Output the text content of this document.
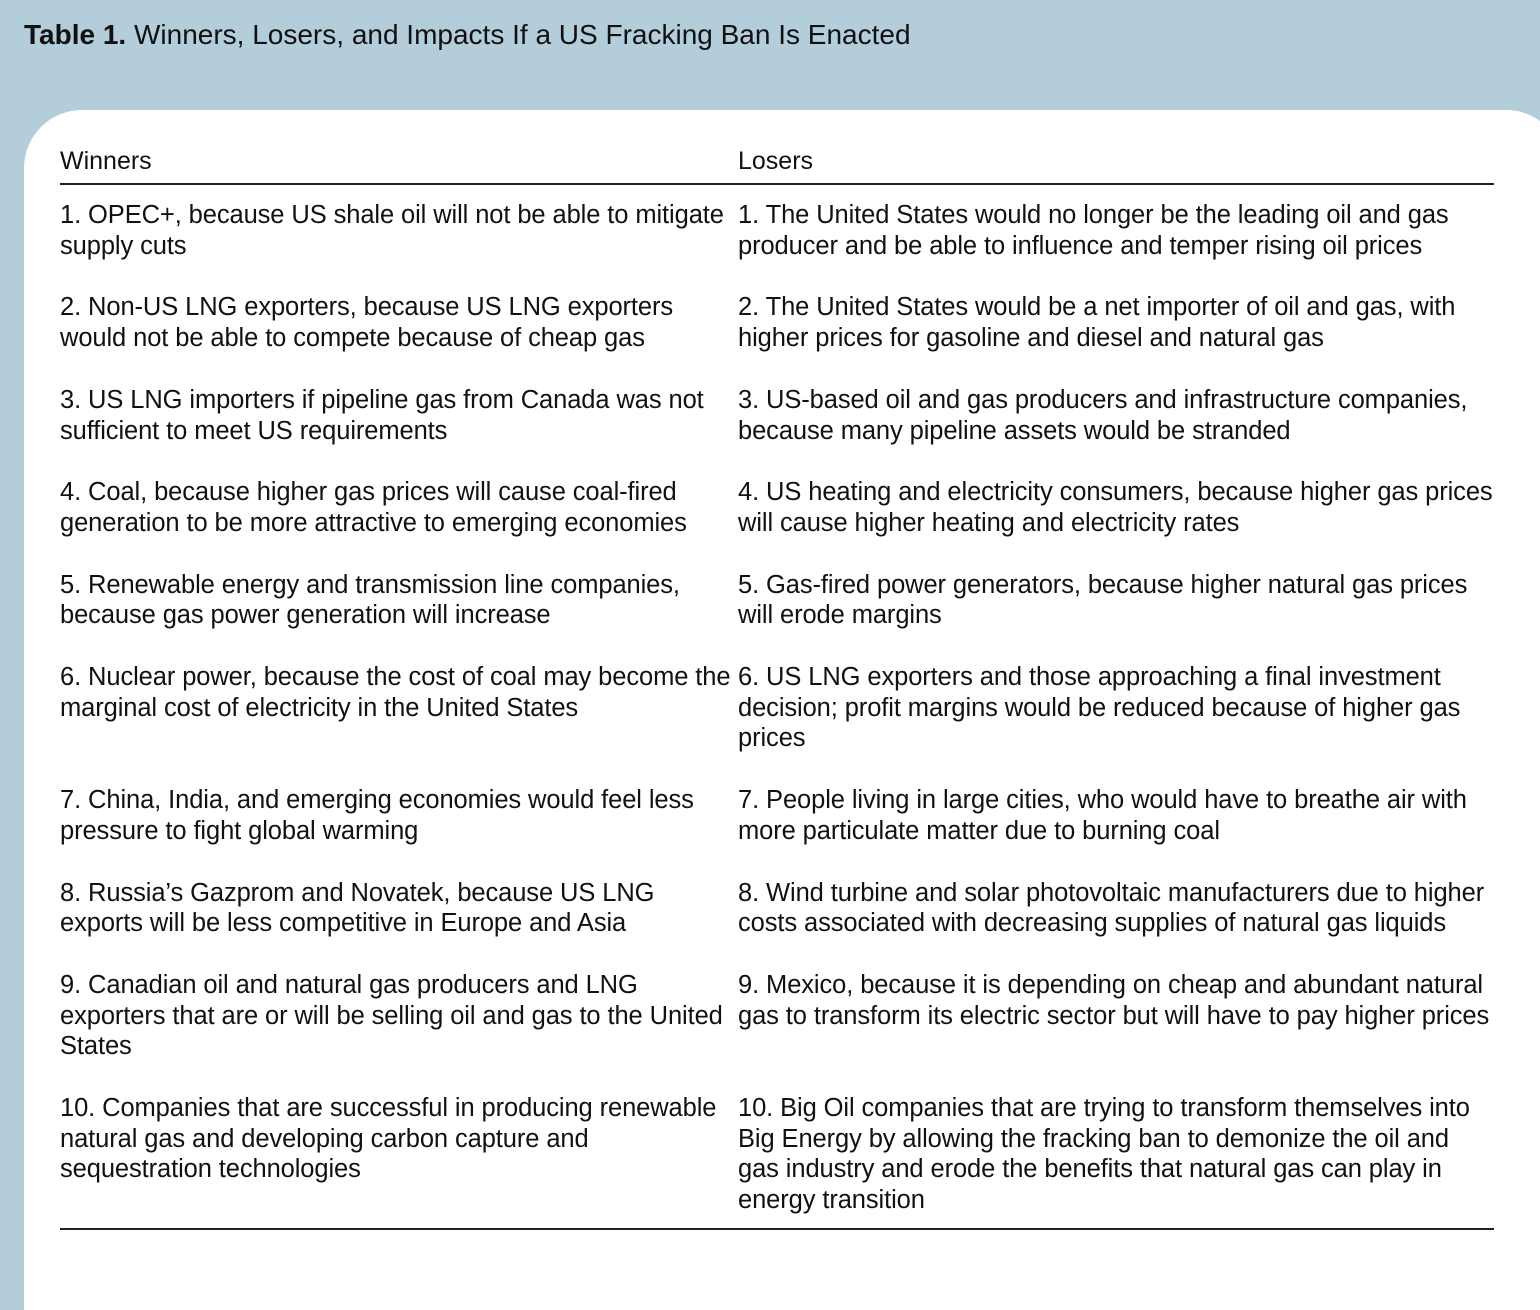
Table 1. Winners, Losers, and Impacts If a US Fracking Ban Is Enacted
Winners	Losers
1. OPEC+, because US shale oil will not be able to mitigate supply cuts
1. The United States would no longer be the leading oil and gas producer and be able to influence and temper rising oil prices
2. Non-US LNG exporters, because US LNG exporters would not be able to compete because of cheap gas
2. The United States would be a net importer of oil and gas, with higher prices for gasoline and diesel and natural gas
3. US LNG importers if pipeline gas from Canada was not sufficient to meet US requirements
3. US-based oil and gas producers and infrastructure companies, because many pipeline assets would be stranded
4. Coal, because higher gas prices will cause coal-fired generation to be more attractive to emerging economies
4. US heating and electricity consumers, because higher gas prices will cause higher heating and electricity rates
5. Renewable energy and transmission line companies, because gas power generation will increase
5. Gas-fired power generators, because higher natural gas prices will erode margins
6. Nuclear power, because the cost of coal may become the marginal cost of electricity in the United States
6. US LNG exporters and those approaching a final investment decision; profit margins would be reduced because of higher gas prices
7. China, India, and emerging economies would feel less pressure to fight global warming
7. People living in large cities, who would have to breathe air with more particulate matter due to burning coal
8. Russia’s Gazprom and Novatek, because US LNG exports will be less competitive in Europe and Asia
8. Wind turbine and solar photovoltaic manufacturers due to higher costs associated with decreasing supplies of natural gas liquids
9. Canadian oil and natural gas producers and LNG exporters that are or will be selling oil and gas to the United States
9. Mexico, because it is depending on cheap and abundant natural gas to transform its electric sector but will have to pay higher prices
10. Companies that are successful in producing renewable natural gas and developing carbon capture and sequestration technologies
10. Big Oil companies that are trying to transform themselves into Big Energy by allowing the fracking ban to demonize the oil and gas industry and erode the benefits that natural gas can play in energy transition
